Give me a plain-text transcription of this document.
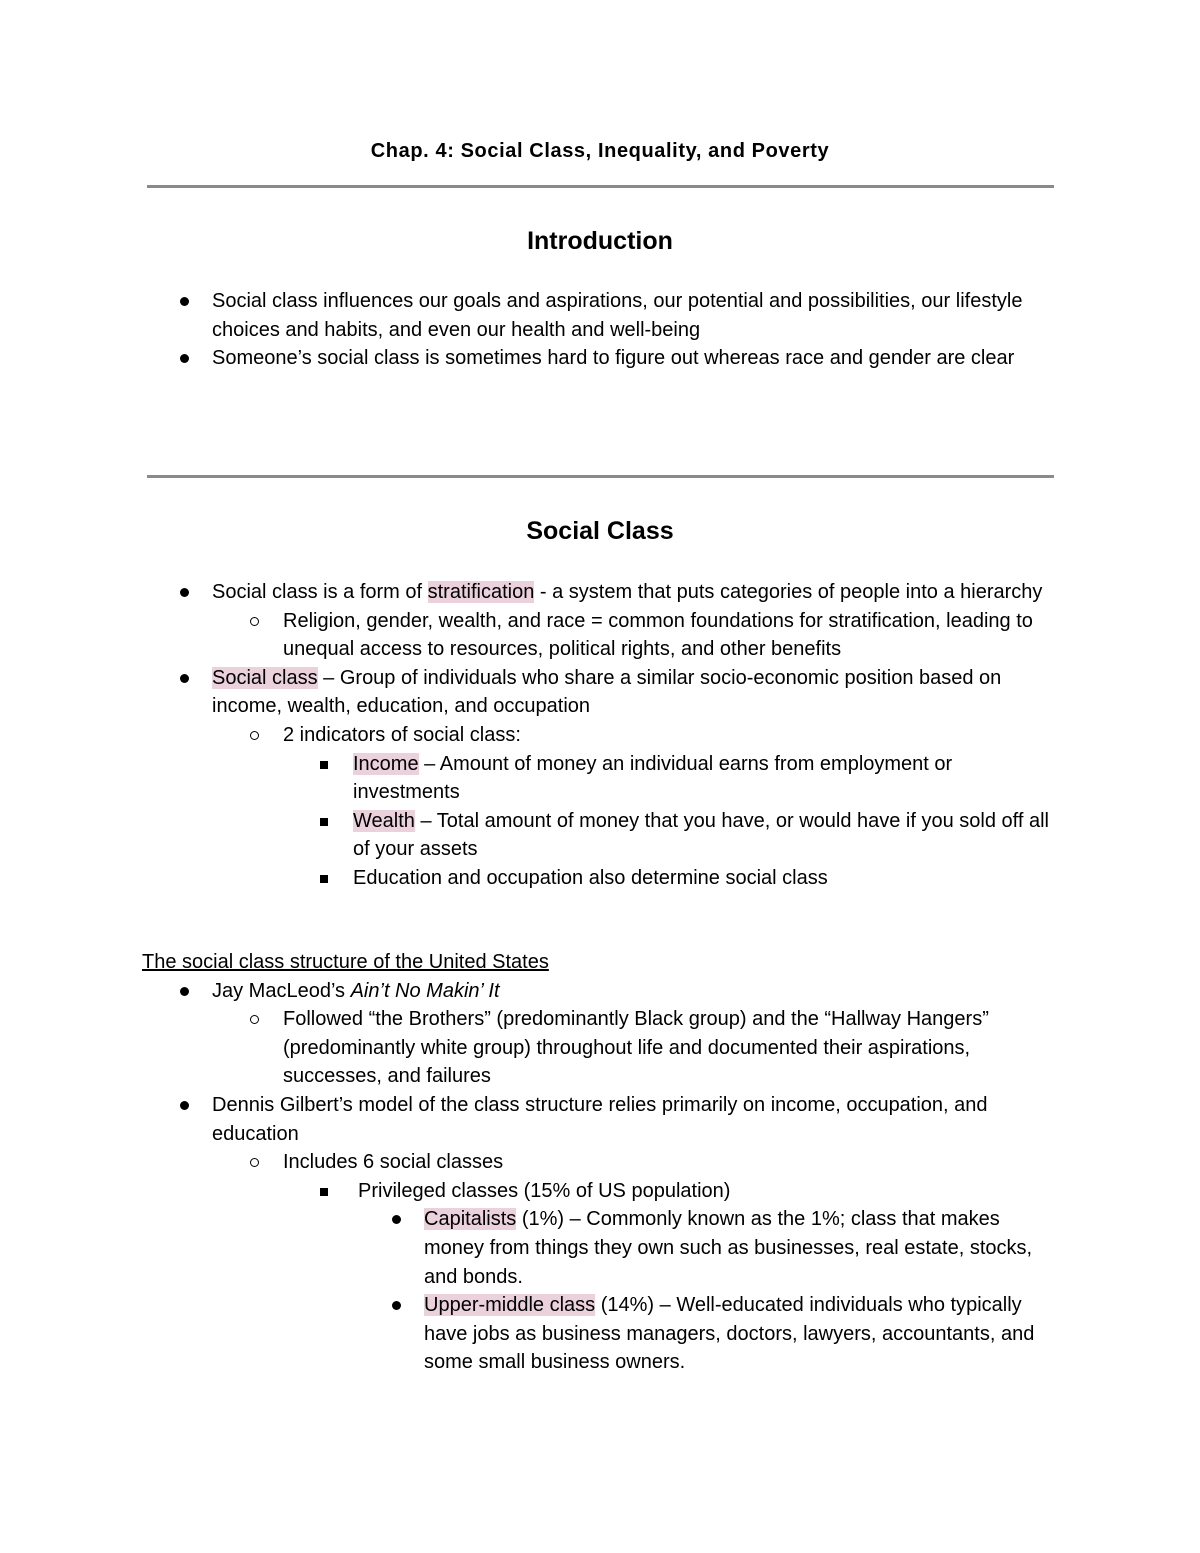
Chap. 4: Social Class, Inequality, and Poverty
Introduction
Social class influences our goals and aspirations, our potential and possibilities, our lifestyle choices and habits, and even our health and well-being
Someone’s social class is sometimes hard to figure out whereas race and gender are clear
Social Class
Social class is a form of stratification - a system that puts categories of people into a hierarchy
Religion, gender, wealth, and race = common foundations for stratification, leading to unequal access to resources, political rights, and other benefits
Social class – Group of individuals who share a similar socio-economic position based on income, wealth, education, and occupation
2 indicators of social class:
Income – Amount of money an individual earns from employment or investments
Wealth – Total amount of money that you have, or would have if you sold off all of your assets
Education and occupation also determine social class
The social class structure of the United States
Jay MacLeod’s Ain’t No Makin’ It
Followed “the Brothers” (predominantly Black group) and the “Hallway Hangers” (predominantly white group) throughout life and documented their aspirations, successes, and failures
Dennis Gilbert’s model of the class structure relies primarily on income, occupation, and education
Includes 6 social classes
Privileged classes (15% of US population)
Capitalists (1%) – Commonly known as the 1%; class that makes money from things they own such as businesses, real estate, stocks, and bonds.
Upper-middle class (14%) – Well-educated individuals who typically have jobs as business managers, doctors, lawyers, accountants, and some small business owners.
